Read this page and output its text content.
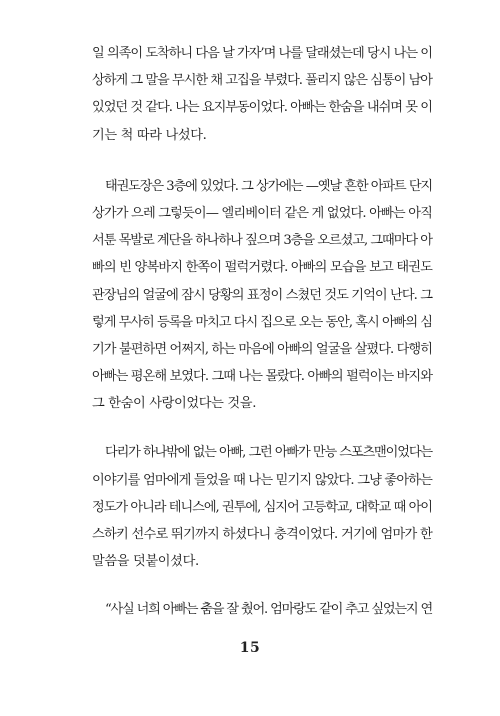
일 의족이 도착하니 다음 날 가자’며 나를 달래셨는데 당시 나는 이
상하게 그 말을 무시한 채 고집을 부렸다. 풀리지 않은 심통이 남아
있었던 것 같다. 나는 요지부동이었다. 아빠는 한숨을 내쉬며 못 이
기는 척 따라 나섰다.
태권도장은 3층에 있었다. 그 상가에는 —옛날 흔한 아파트 단지
상가가 으레 그렇듯이— 엘리베이터 같은 게 없었다. 아빠는 아직
서툰 목발로 계단을 하나하나 짚으며 3층을 오르셨고, 그때마다 아
빠의 빈 양복바지 한쪽이 펄럭거렸다. 아빠의 모습을 보고 태권도
관장님의 얼굴에 잠시 당황의 표정이 스쳤던 것도 기억이 난다. 그
렇게 무사히 등록을 마치고 다시 집으로 오는 동안, 혹시 아빠의 심
기가 불편하면 어쩌지, 하는 마음에 아빠의 얼굴을 살폈다. 다행히
아빠는 평온해 보였다. 그때 나는 몰랐다. 아빠의 펄럭이는 바지와
그 한숨이 사랑이었다는 것을.
다리가 하나밖에 없는 아빠, 그런 아빠가 만능 스포츠맨이었다는
이야기를 엄마에게 들었을 때 나는 믿기지 않았다. 그냥 좋아하는
정도가 아니라 테니스에, 권투에, 심지어 고등학교, 대학교 때 아이
스하키 선수로 뛰기까지 하셨다니 충격이었다. 거기에 엄마가 한
말씀을 덧붙이셨다.
“사실 너희 아빠는 춤을 잘 췄어. 엄마랑도 같이 추고 싶었는지 연
15
